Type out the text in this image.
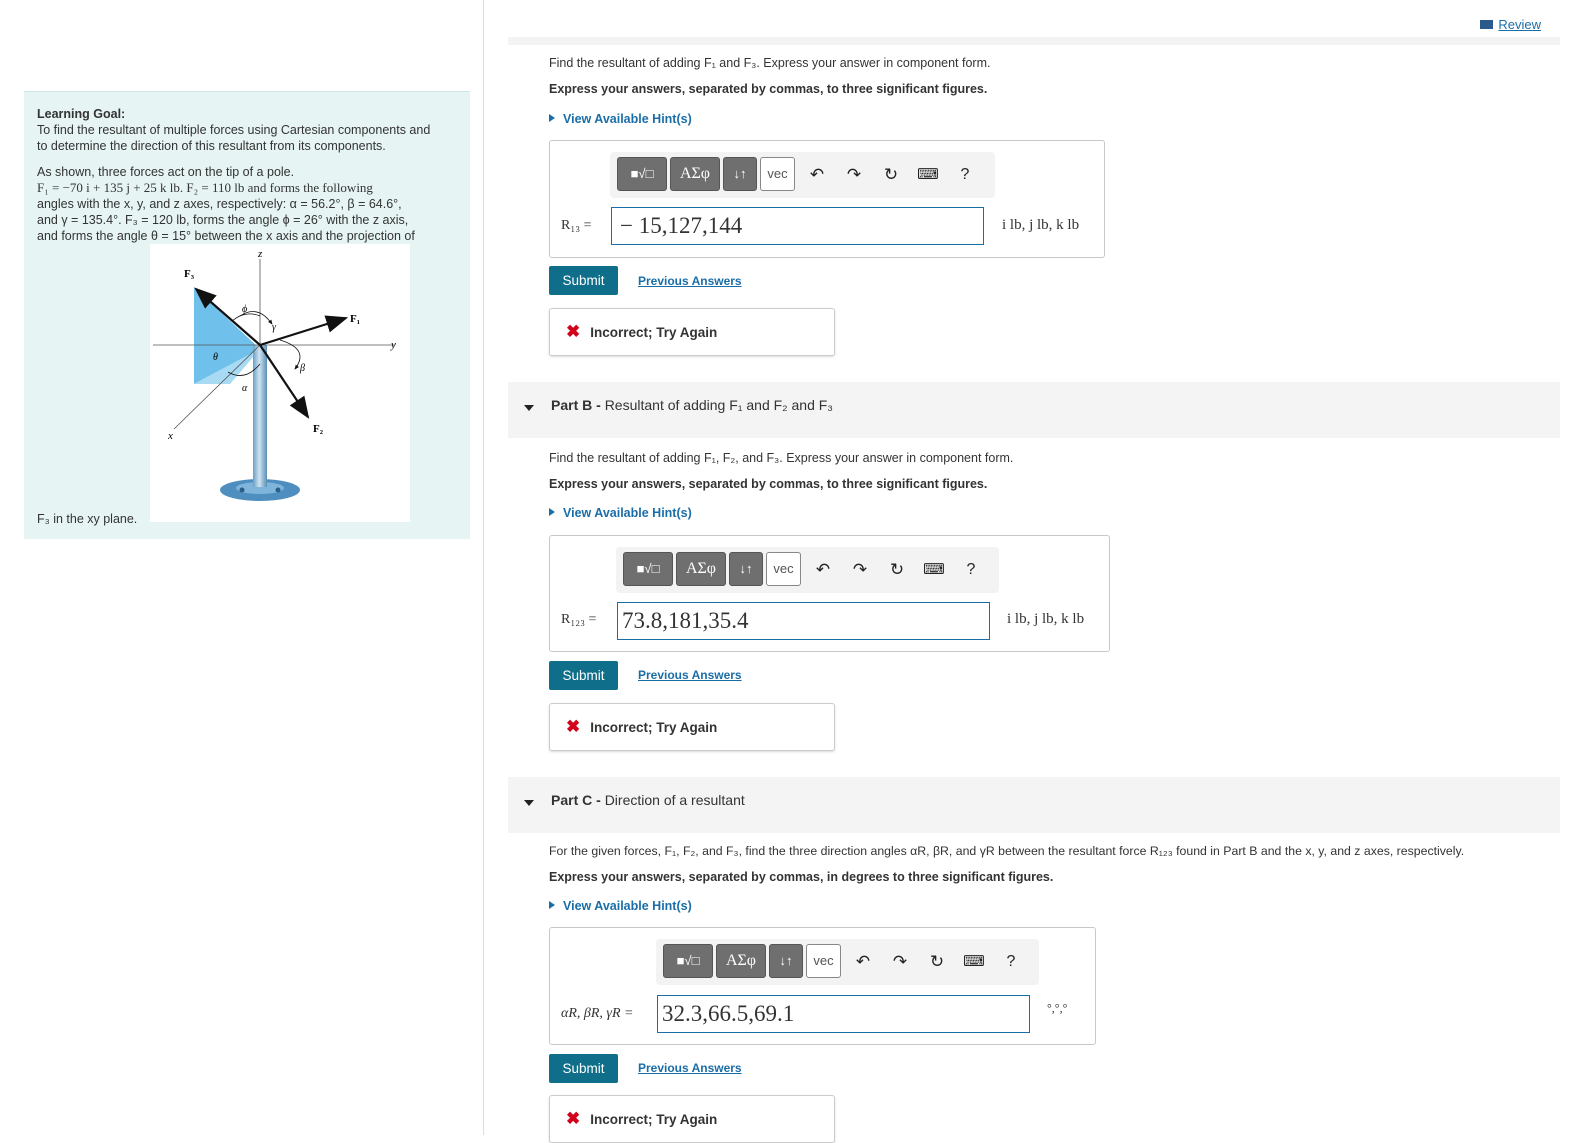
Learning Goal:
To find the resultant of multiple forces using Cartesian components and
to determine the direction of this resultant from its components.
As shown, three forces act on the tip of a pole.
F₁ = −70 i + 135 j + 25 k lb. F₂ = 110 lb and forms the following
angles with the x, y, and z axes, respectively: α = 56.2°, β = 64.6°,
and γ = 135.4°. F₃ = 120 lb, forms the angle ϕ = 26° with the z axis,
and forms the angle θ = 15° between the x axis and the projection of
F₃ in the xy plane.
z
y
x
F₃
F₁
F₂
ϕ
γ
θ
α
β
Review
Find the resultant of adding F₁ and F₃. Express your answer in component form.
Express your answers, separated by commas, to three significant figures.
View Available Hint(s)
■√□	ΑΣφ	↓↑	vec	↶ ↷ ↻ ⌨	?
R₁₃ =	− 15,127,144	i lb, j lb, k lb
Submit	Previous Answers
✖ Incorrect; Try Again
Part B - Resultant of adding F₁ and F₂ and F₃
Find the resultant of adding F₁, F₂, and F₃. Express your answer in component form.
Express your answers, separated by commas, to three significant figures.
View Available Hint(s)
■√□	ΑΣφ	↓↑	vec	↶ ↷ ↻ ⌨	?
R₁₂₃ = 73.8,181,35.4	i lb, j lb, k lb
Submit	Previous Answers
✖ Incorrect; Try Again
Part C - Direction of a resultant
For the given forces, F₁, F₂, and F₃, find the three direction angles αR, βR, and γR between the resultant force R₁₂₃ found in Part B and the x, y, and z axes, respectively.
Express your answers, separated by commas, in degrees to three significant figures.
View Available Hint(s)
■√□	ΑΣφ	↓↑	vec	↶ ↷ ↻ ⌨	?
αR, βR, γR = 32.3,66.5,69.1	°,°,°
Submit	Previous Answers
✖ Incorrect; Try Again
